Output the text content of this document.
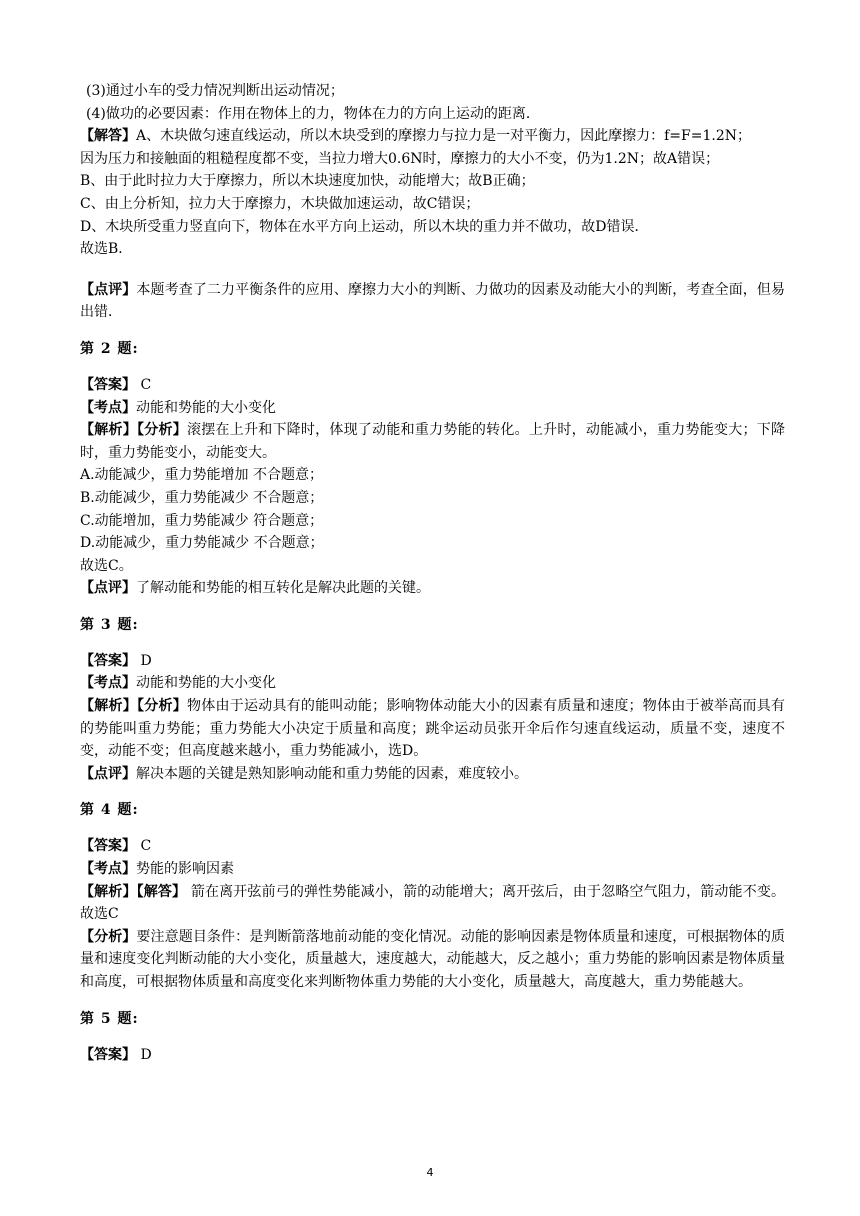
(3)通过小车的受力情况判断出运动情况；
(4)做功的必要因素：作用在物体上的力，物体在力的方向上运动的距离．
【解答】A、木块做匀速直线运动，所以木块受到的摩擦力与拉力是一对平衡力，因此摩擦力：f=F=1.2N；
因为压力和接触面的粗糙程度都不变，当拉力增大0.6N时，摩擦力的大小不变，仍为1.2N；故A错误；
B、由于此时拉力大于摩擦力，所以木块速度加快，动能增大；故B正确；
C、由上分析知，拉力大于摩擦力，木块做加速运动，故C错误；
D、木块所受重力竖直向下，物体在水平方向上运动，所以木块的重力并不做功，故D错误．
故选B．
【点评】本题考查了二力平衡条件的应用、摩擦力大小的判断、力做功的因素及动能大小的判断，考查全面，但易出错．
第 2 题:
【答案】 C
【考点】动能和势能的大小变化
【解析】【分析】滚摆在上升和下降时，体现了动能和重力势能的转化。上升时，动能减小，重力势能变大；下降时，重力势能变小，动能变大。
A.动能减少，重力势能增加 不合题意；
B.动能减少，重力势能减少 不合题意；
C.动能增加，重力势能减少 符合题意；
D.动能减少，重力势能减少 不合题意；
故选C。
【点评】了解动能和势能的相互转化是解决此题的关键。
第 3 题:
【答案】 D
【考点】动能和势能的大小变化
【解析】【分析】物体由于运动具有的能叫动能；影响物体动能大小的因素有质量和速度；物体由于被举高而具有的势能叫重力势能；重力势能大小决定于质量和高度；跳伞运动员张开伞后作匀速直线运动，质量不变，速度不变，动能不变；但高度越来越小，重力势能减小，选D。
【点评】解决本题的关键是熟知影响动能和重力势能的因素，难度较小。
第 4 题:
【答案】 C
【考点】势能的影响因素
【解析】【解答】 箭在离开弦前弓的弹性势能减小，箭的动能增大；离开弦后，由于忽略空气阻力，箭动能不变。 故选C
【分析】要注意题目条件：是判断箭落地前动能的变化情况。动能的影响因素是物体质量和速度，可根据物体的质量和速度变化判断动能的大小变化，质量越大，速度越大，动能越大，反之越小；重力势能的影响因素是物体质量和高度，可根据物体质量和高度变化来判断物体重力势能的大小变化，质量越大，高度越大，重力势能越大。
第 5 题:
【答案】 D
4
